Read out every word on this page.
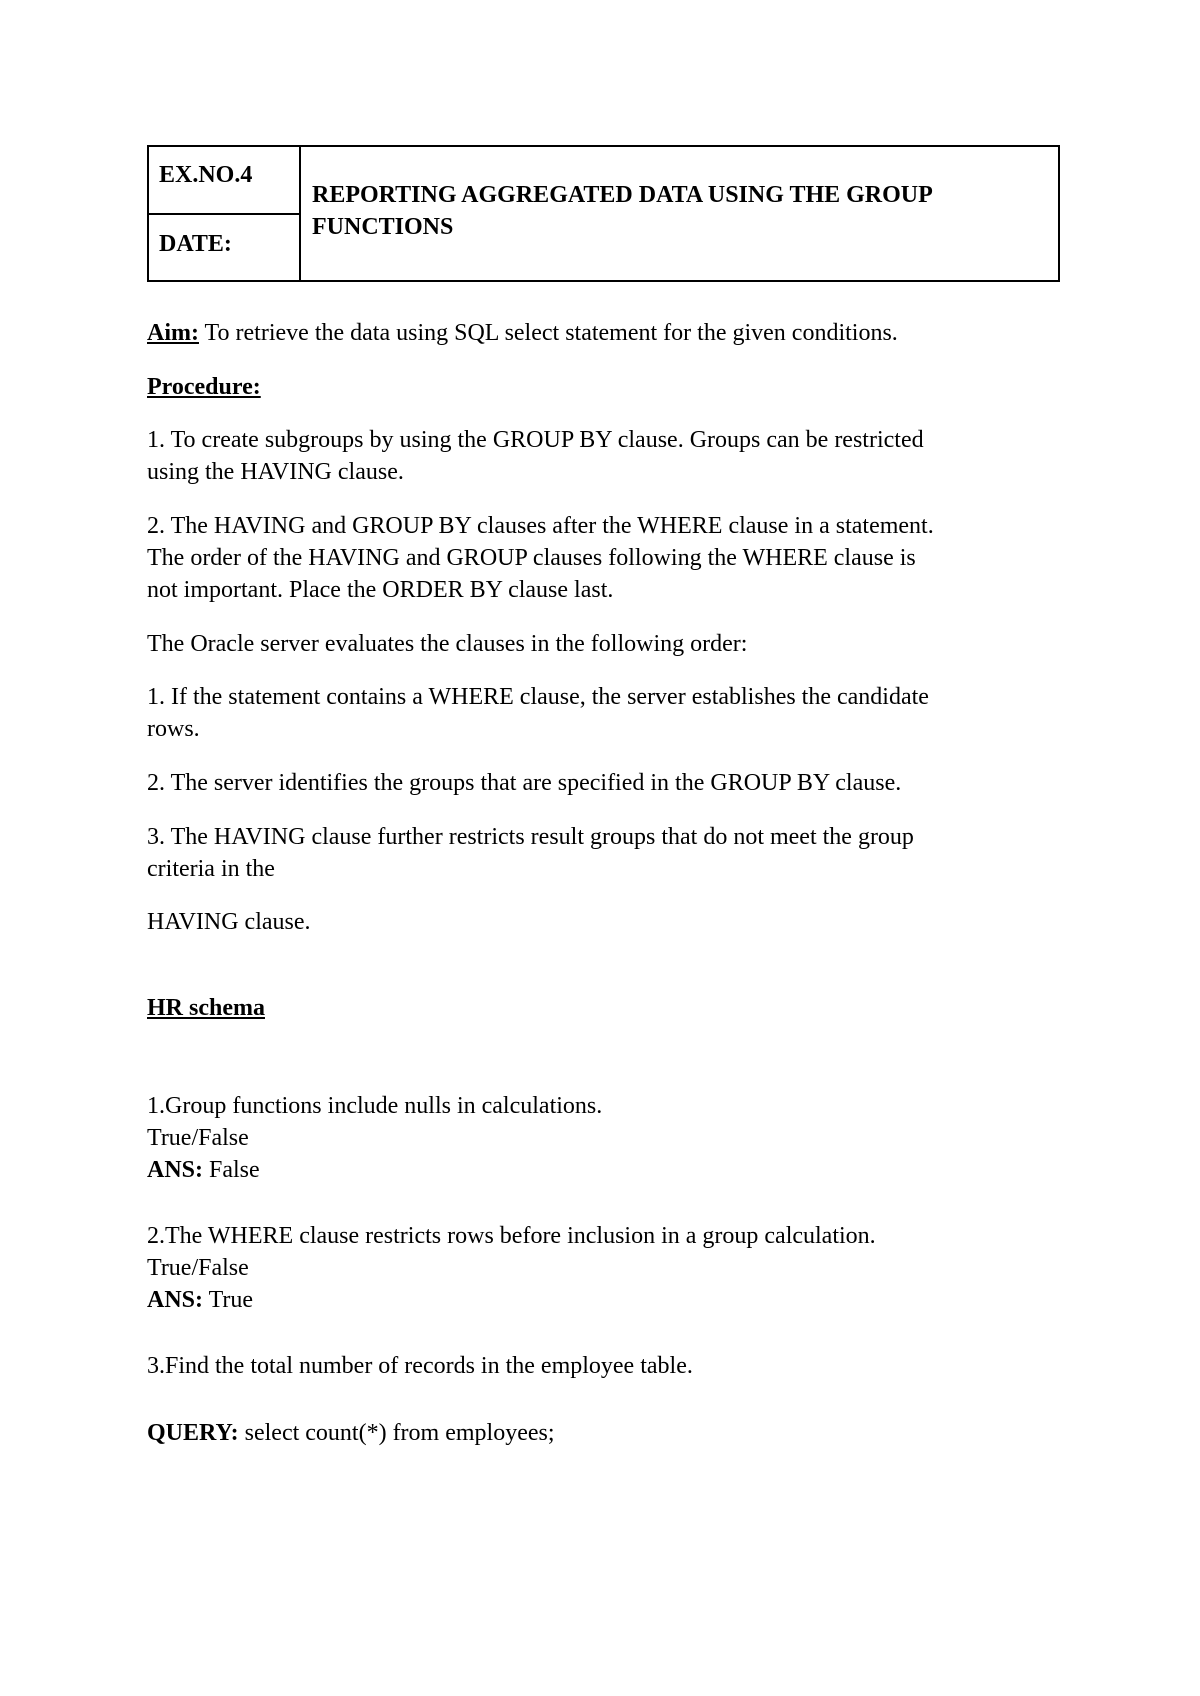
EX.NO.4
DATE:
REPORTING AGGREGATED DATA USING THE GROUP FUNCTIONS
Aim: To retrieve the data using SQL select statement for the given conditions.
Procedure:
1. To create subgroups by using the GROUP BY clause. Groups can be restricted
using the HAVING clause.
2. The HAVING and GROUP BY clauses after the WHERE clause in a statement.
The order of the HAVING and GROUP clauses following the WHERE clause is
not important. Place the ORDER BY clause last.
The Oracle server evaluates the clauses in the following order:
1. If the statement contains a WHERE clause, the server establishes the candidate
rows.
2. The server identifies the groups that are specified in the GROUP BY clause.
3. The HAVING clause further restricts result groups that do not meet the group
criteria in the
HAVING clause.
HR schema
1.Group functions include nulls in calculations.
True/False
ANS: False
2.The WHERE clause restricts rows before inclusion in a group calculation.
True/False
ANS: True
3.Find the total number of records in the employee table.
QUERY: select count(*) from employees;
